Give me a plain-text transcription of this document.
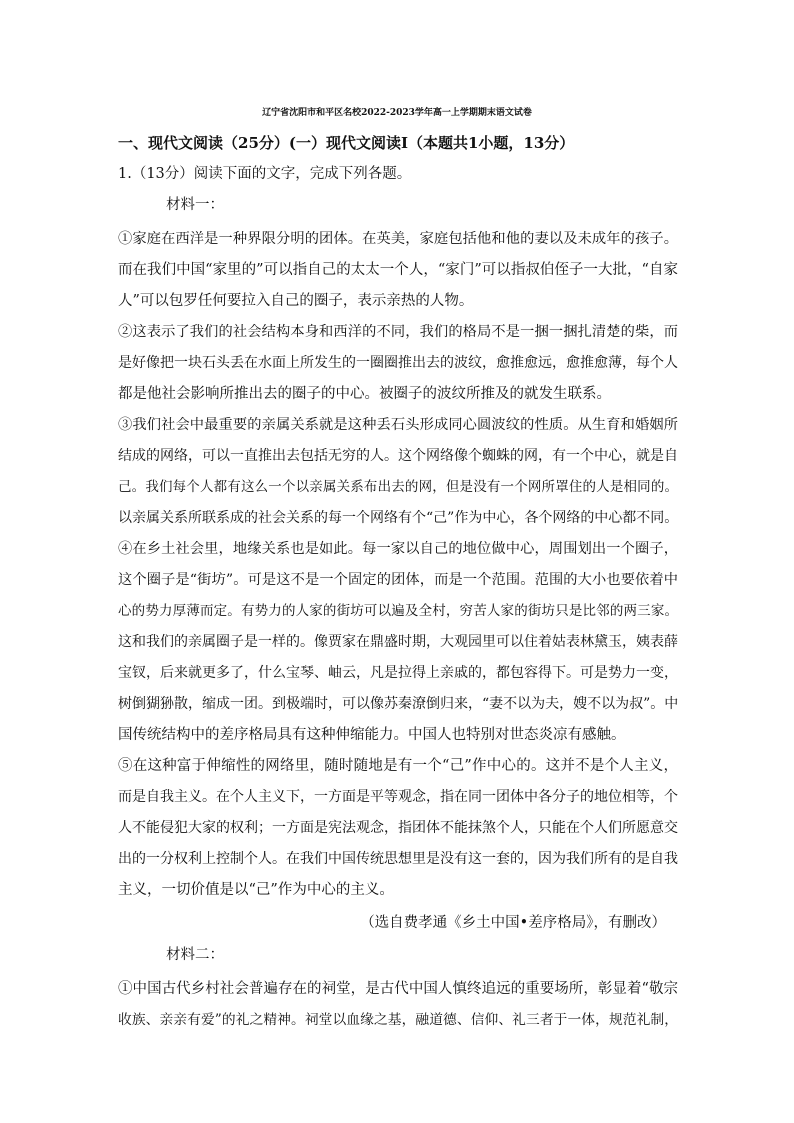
辽宁省沈阳市和平区名校2022-2023学年高一上学期期末语文试卷
一、现代文阅读（25分）(一）现代文阅读Ⅰ（本题共1小题，13分）
1.（13分）阅读下面的文字，完成下列各题。
材料一：
①家庭在西洋是一种界限分明的团体。在英美，家庭包括他和他的妻以及未成年的孩子。
而在我们中国“家里的”可以指自己的太太一个人，“家门”可以指叔伯侄子一大批，“自家
人”可以包罗任何要拉入自己的圈子，表示亲热的人物。
②这表示了我们的社会结构本身和西洋的不同，我们的格局不是一捆一捆扎清楚的柴，而
是好像把一块石头丢在水面上所发生的一圈圈推出去的波纹，愈推愈远，愈推愈薄，每个人
都是他社会影响所推出去的圈子的中心。被圈子的波纹所推及的就发生联系。
③我们社会中最重要的亲属关系就是这种丢石头形成同心圆波纹的性质。从生育和婚姻所
结成的网络，可以一直推出去包括无穷的人。这个网络像个蜘蛛的网，有一个中心，就是自
己。我们每个人都有这么一个以亲属关系布出去的网，但是没有一个网所罩住的人是相同的。
以亲属关系所联系成的社会关系的每一个网络有个“己”作为中心，各个网络的中心都不同。
④在乡土社会里，地缘关系也是如此。每一家以自己的地位做中心，周围划出一个圈子，
这个圈子是“街坊”。可是这不是一个固定的团体，而是一个范围。范围的大小也要依着中
心的势力厚薄而定。有势力的人家的街坊可以遍及全村，穷苦人家的街坊只是比邻的两三家。
这和我们的亲属圈子是一样的。像贾家在鼎盛时期，大观园里可以住着姑表林黛玉，姨表薛
宝钗，后来就更多了，什么宝琴、岫云，凡是拉得上亲戚的，都包容得下。可是势力一变，
树倒猢狲散，缩成一团。到极端时，可以像苏秦潦倒归来，“妻不以为夫，嫂不以为叔”。中
国传统结构中的差序格局具有这种伸缩能力。中国人也特别对世态炎凉有感触。
⑤在这种富于伸缩性的网络里，随时随地是有一个“己”作中心的。这并不是个人主义，
而是自我主义。在个人主义下，一方面是平等观念，指在同一团体中各分子的地位相等，个
人不能侵犯大家的权利；一方面是宪法观念，指团体不能抹煞个人，只能在个人们所愿意交
出的一分权利上控制个人。在我们中国传统思想里是没有这一套的，因为我们所有的是自我
主义，一切价值是以“己”作为中心的主义。
（选自费孝通《乡土中国•差序格局》，有删改）
材料二：
①中国古代乡村社会普遍存在的祠堂，是古代中国人慎终追远的重要场所，彰显着“敬宗
收族、亲亲有爱”的礼之精神。祠堂以血缘之基，融道德、信仰、礼三者于一体，规范礼制，
